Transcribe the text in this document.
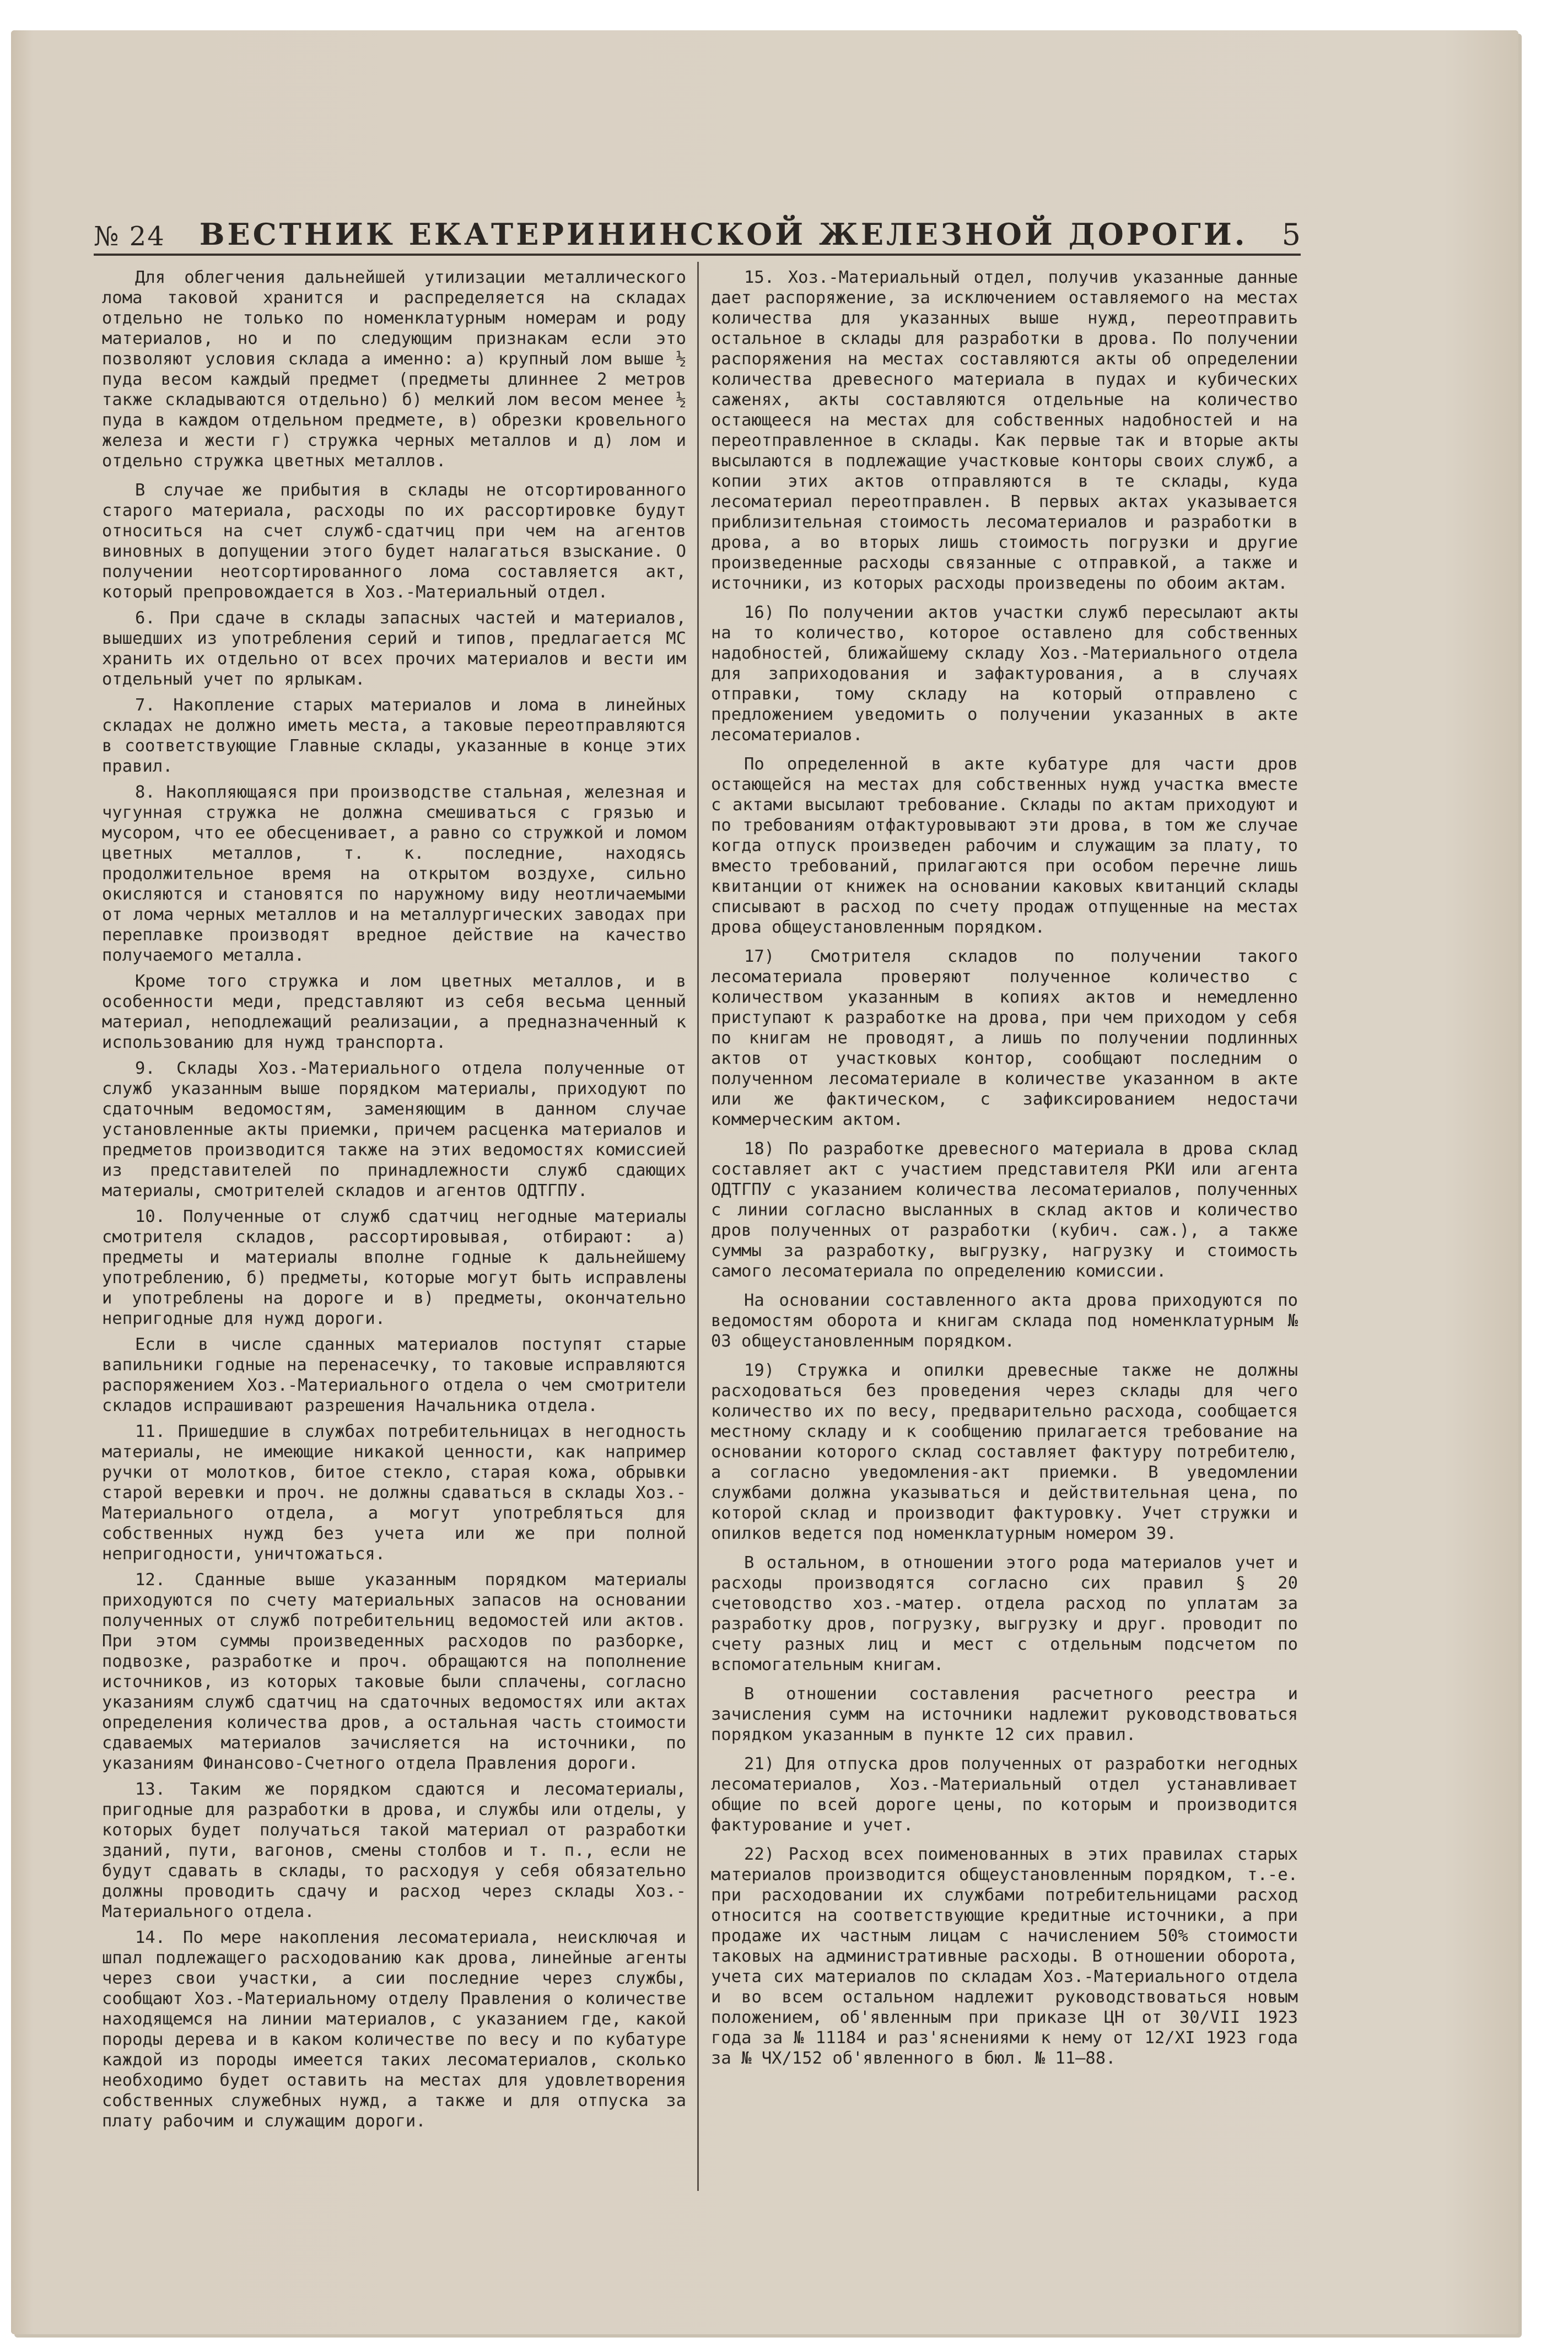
№ 24 ВЕСТНИК ЕКАТЕРИНИНСКОЙ ЖЕЛЕЗНОЙ ДОРОГИ. 5

Для облегчения дальнейшей утилизации металлического лома таковой хранится и распределяется на складах отдельно не только по номенклатурным номерам и роду материалов, но и по следующим признакам если это позволяют условия склада а именно: а) крупный лом выше ½ пуда весом каждый предмет (предметы длиннее 2 метров также складываются отдельно) б) мелкий лом весом менее ½ пуда в каждом отдельном предмете, в) обрезки кровельного железа и жести г) стружка черных металлов и д) лом и отдельно стружка цветных металлов.

В случае же прибытия в склады не отсортированного старого материала, расходы по их рассортировке будут относиться на счет служб-сдатчиц при чем на агентов виновных в допущении этого будет налагаться взыскание. О получении неотсортированного лома составляется акт, который препровождается в Хоз.-Материальный отдел.

6. При сдаче в склады запасных частей и материалов, вышедших из употребления серий и типов, предлагается МС хранить их отдельно от всех прочих материалов и вести им отдельный учет по ярлыкам.

7. Накопление старых материалов и лома в линейных складах не должно иметь места, а таковые переотправляются в соответствующие Главные склады, указанные в конце этих правил.

8. Накопляющаяся при производстве стальная, железная и чугунная стружка не должна смешиваться с грязью и мусором, что ее обесценивает, а равно со стружкой и ломом цветных металлов, т. к. последние, находясь продолжительное время на открытом воздухе, сильно окисляются и становятся по наружному виду неотличаемыми от лома черных металлов и на металлургических заводах при переплавке производят вредное действие на качество получаемого металла.

Кроме того стружка и лом цветных металлов, и в особенности меди, представляют из себя весьма ценный материал, неподлежащий реализации, а предназначенный к использованию для нужд транспорта.

9. Склады Хоз.-Материального отдела полученные от служб указанным выше порядком материалы, приходуют по сдаточным ведомостям, заменяющим в данном случае установленные акты приемки, причем расценка материалов и предметов производится также на этих ведомостях комиссией из представителей по принадлежности служб сдающих материалы, смотрителей складов и агентов ОДТГПУ.

10. Полученные от служб сдатчиц негодные материалы смотрителя складов, рассортировывая, отбирают: а) предметы и материалы вполне годные к дальнейшему употреблению, б) предметы, которые могут быть исправлены и употреблены на дороге и в) предметы, окончательно непригодные для нужд дороги.

Если в числе сданных материалов поступят старые вапильники годные на перенасечку, то таковые исправляются распоряжением Хоз.-Материального отдела о чем смотрители складов испрашивают разрешения Начальника отдела.

11. Пришедшие в службах потребительницах в негодность материалы, не имеющие никакой ценности, как например ручки от молотков, битое стекло, старая кожа, обрывки старой веревки и проч. не должны сдаваться в склады Хоз.-Материального отдела, а могут употребляться для собственных нужд без учета или же при полной непригодности, уничтожаться.

12. Сданные выше указанным порядком материалы приходуются по счету материальных запасов на основании полученных от служб потребительниц ведомостей или актов. При этом суммы произведенных расходов по разборке, подвозке, разработке и проч. обращаются на пополнение источников, из которых таковые были сплачены, согласно указаниям служб сдатчиц на сдаточных ведомостях или актах определения количества дров, а остальная часть стоимости сдаваемых материалов зачисляется на источники, по указаниям Финансово-Счетного отдела Правления дороги.

13. Таким же порядком сдаются и лесоматериалы, пригодные для разработки в дрова, и службы или отделы, у которых будет получаться такой материал от разработки зданий, пути, вагонов, смены столбов и т. п., если не будут сдавать в склады, то расходуя у себя обязательно должны проводить сдачу и расход через склады Хоз.-Материального отдела.

14. По мере накопления лесоматериала, неисключая и шпал подлежащего расходованию как дрова, линейные агенты через свои участки, а сии последние через службы, сообщают Хоз.-Материальному отделу Правления о количестве находящемся на линии материалов, с указанием где, какой породы дерева и в каком количестве по весу и по кубатуре каждой из породы имеется таких лесоматериалов, сколько необходимо будет оставить на местах для удовлетворения собственных служебных нужд, а также и для отпуска за плату рабочим и служащим дороги.

15. Хоз.-Материальный отдел, получив указанные данные дает распоряжение, за исключением оставляемого на местах количества для указанных выше нужд, переотправить остальное в склады для разработки в дрова. По получении распоряжения на местах составляются акты об определении количества древесного материала в пудах и кубических саженях, акты составляются отдельные на количество остающееся на местах для собственных надобностей и на переотправленное в склады. Как первые так и вторые акты высылаются в подлежащие участковые конторы своих служб, а копии этих актов отправляются в те склады, куда лесоматериал переотправлен. В первых актах указывается приблизительная стоимость лесоматериалов и разработки в дрова, а во вторых лишь стоимость погрузки и другие произведенные расходы связанные с отправкой, а также и источники, из которых расходы произведены по обоим актам.

16) По получении актов участки служб пересылают акты на то количество, которое оставлено для собственных надобностей, ближайшему складу Хоз.-Материального отдела для заприходования и зафактурования, а в случаях отправки, тому складу на который отправлено с предложением уведомить о получении указанных в акте лесоматериалов.

По определенной в акте кубатуре для части дров остающейся на местах для собственных нужд участка вместе с актами высылают требование. Склады по актам приходуют и по требованиям отфактуровывают эти дрова, в том же случае когда отпуск произведен рабочим и служащим за плату, то вместо требований, прилагаются при особом перечне лишь квитанции от книжек на основании каковых квитанций склады списывают в расход по счету продаж отпущенные на местах дрова общеустановленным порядком.

17) Смотрителя складов по получении такого лесоматериала проверяют полученное количество с количеством указанным в копиях актов и немедленно приступают к разработке на дрова, при чем приходом у себя по книгам не проводят, а лишь по получении подлинных актов от участковых контор, сообщают последним о полученном лесоматериале в количестве указанном в акте или же фактическом, с зафиксированием недостачи коммерческим актом.

18) По разработке древесного материала в дрова склад составляет акт с участием представителя РКИ или агента ОДТГПУ с указанием количества лесоматериалов, полученных с линии согласно высланных в склад актов и количество дров полученных от разработки (кубич. саж.), а также суммы за разработку, выгрузку, нагрузку и стоимость самого лесоматериала по определению комиссии.

На основании составленного акта дрова приходуются по ведомостям оборота и книгам склада под номенклатурным № 03 общеустановленным порядком.

19) Стружка и опилки древесные также не должны расходоваться без проведения через склады для чего количество их по весу, предварительно расхода, сообщается местному складу и к сообщению прилагается требование на основании которого склад составляет фактуру потребителю, а согласно уведомления-акт приемки. В уведомлении службами должна указываться и действительная цена, по которой склад и производит фактуровку. Учет стружки и опилков ведется под номенклатурным номером 39.

В остальном, в отношении этого рода материалов учет и расходы производятся согласно сих правил § 20 счетоводство хоз.-матер. отдела расход по уплатам за разработку дров, погрузку, выгрузку и друг. проводит по счету разных лиц и мест с отдельным подсчетом по вспомогательным книгам.

В отношении составления расчетного реестра и зачисления сумм на источники надлежит руководствоваться порядком указанным в пункте 12 сих правил.

21) Для отпуска дров полученных от разработки негодных лесоматериалов, Хоз.-Материальный отдел устанавливает общие по всей дороге цены, по которым и производится фактурование и учет.

22) Расход всех поименованных в этих правилах старых материалов производится общеустановленным порядком, т.-е. при расходовании их службами потребительницами расход относится на соответствующие кредитные источники, а при продаже их частным лицам с начислением 50% стоимости таковых на административные расходы. В отношении оборота, учета сих материалов по складам Хоз.-Материального отдела и во всем остальном надлежит руководствоваться новым положением, об'явленным при приказе ЦН от 30/VII 1923 года за № 11184 и раз'яснениями к нему от 12/XI 1923 года за № ЧХ/152 об'явленного в бюл. № 11—88.
